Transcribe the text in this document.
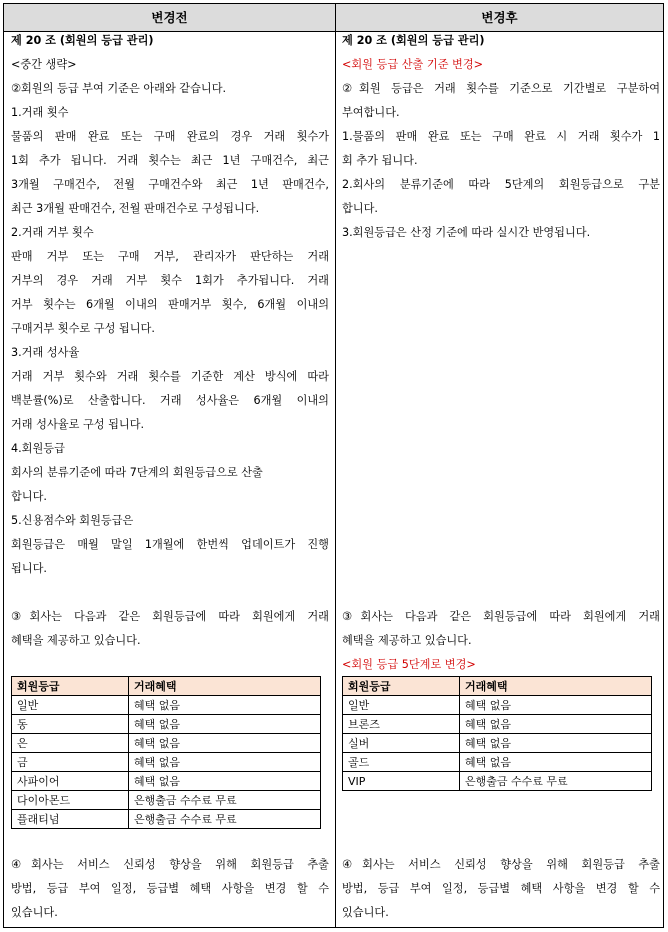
변경전	변경후
제 20 조 (회원의 등급 관리)
<중간 생략>
②회원의 등급 부여 기준은 아래와 같습니다.
1.거래 횟수
물품의 판매 완료 또는 구매 완료의 경우 거래 횟수가
1회 추가 됩니다. 거래 횟수는 최근 1년 구매건수, 최근
3개월 구매건수, 전월 구매건수와 최근 1년 판매건수,
최근 3개월 판매건수, 전월 판매건수로 구성됩니다.
2.거래 거부 횟수
판매 거부 또는 구매 거부, 관리자가 판단하는 거래
거부의 경우 거래 거부 횟수 1회가 추가됩니다. 거래
거부 횟수는 6개월 이내의 판매거부 횟수, 6개월 이내의
구매거부 횟수로 구성 됩니다.
3.거래 성사율
거래 거부 횟수와 거래 횟수를 기준한 계산 방식에 따라
백분률(%)로 산출합니다. 거래 성사율은 6개월 이내의
거래 성사율로 구성 됩니다.
4.회원등급
회사의 분류기준에 따라 7단계의 회원등급으로 산출
합니다.
5.신용점수와 회원등급은
회원등급은 매월 말일 1개월에 한번씩 업데이트가 진행
됩니다.
③회사는 다음과 같은 회원등급에 따라 회원에게 거래
혜택을 제공하고 있습니다.
회원등급	거래혜택
일반	혜택 없음
동	혜택 없음
은	혜택 없음
금	혜택 없음
사파이어	혜택 없음
다이아몬드	은행출금 수수료 무료
플래티넘	은행출금 수수료 무료
④회사는 서비스 신뢰성 향상을 위해 회원등급 추출
방법, 등급 부여 일정, 등급별 혜택 사항을 변경 할 수
있습니다.
제 20 조 (회원의 등급 관리)
<회원 등급 산출 기준 변경>
②회원 등급은 거래 횟수를 기준으로 기간별로 구분하여
부여합니다.
1.물품의 판매 완료 또는 구매 완료 시 거래 횟수가 1
회 추가 됩니다.
2.회사의 분류기준에 따라 5단계의 회원등급으로 구분
합니다.
3.회원등급은 산정 기준에 따라 실시간 반영됩니다.
③회사는 다음과 같은 회원등급에 따라 회원에게 거래
혜택을 제공하고 있습니다.
<회원 등급 5단계로 변경>
회원등급	거래혜택
일반	혜택 없음
브론즈	혜택 없음
실버	혜택 없음
골드	혜택 없음
VIP	은행출금 수수료 무료
④회사는 서비스 신뢰성 향상을 위해 회원등급 추출
방법, 등급 부여 일정, 등급별 혜택 사항을 변경 할 수
있습니다.
